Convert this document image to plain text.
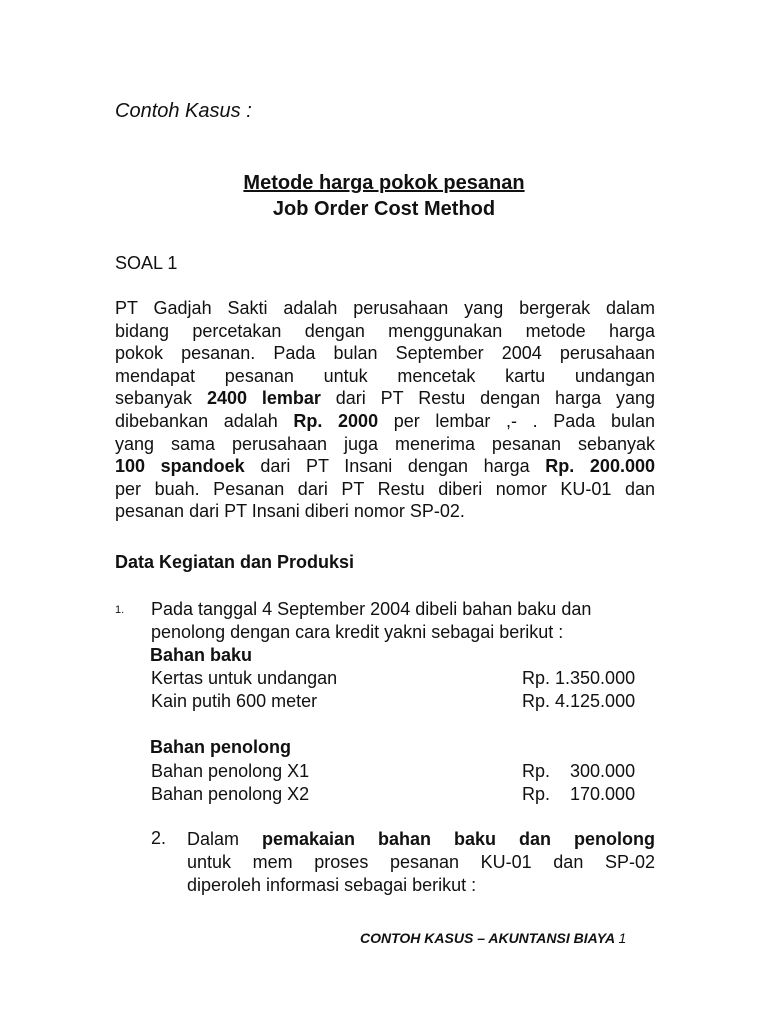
Contoh Kasus :
Metode harga pokok pesanan
Job Order Cost Method
SOAL 1
PT Gadjah Sakti adalah perusahaan yang bergerak dalam
bidang percetakan dengan menggunakan metode harga
pokok pesanan. Pada bulan September 2004 perusahaan
mendapat pesanan untuk mencetak kartu undangan
sebanyak 2400 lembar dari PT Restu dengan harga yang
dibebankan adalah Rp. 2000 per lembar ,- . Pada bulan
yang sama perusahaan juga menerima pesanan sebanyak
100 spandoek dari PT Insani dengan harga Rp. 200.000
per buah. Pesanan dari PT Restu diberi nomor KU-01 dan
pesanan dari PT Insani diberi nomor SP-02.
Data Kegiatan dan Produksi
1. Pada tanggal 4 September 2004 dibeli bahan baku dan
penolong dengan cara kredit yakni sebagai berikut :
Bahan baku
Kertas untuk undangan	Rp. 1.350.000
Kain putih 600 meter	Rp. 4.125.000
Bahan penolong
Bahan penolong X1	Rp.    300.000
Bahan penolong X2	Rp.    170.000
2. Dalam pemakaian bahan baku dan penolong
untuk mem proses pesanan KU-01 dan SP-02
diperoleh informasi sebagai berikut :
CONTOH KASUS – AKUNTANSI BIAYA 1
